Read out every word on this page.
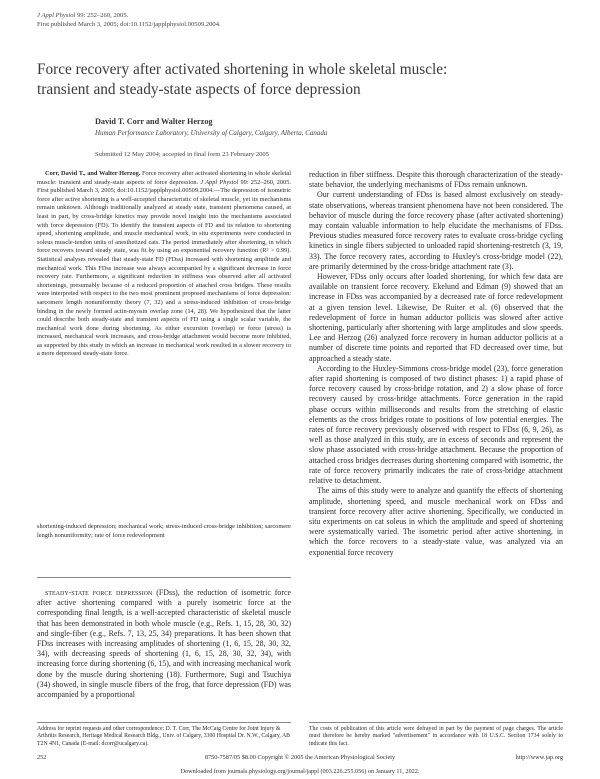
J Appl Physiol 99: 252–260, 2005.
First published March 3, 2005; doi:10.1152/japplphysiol.00509.2004.
Force recovery after activated shortening in whole skeletal muscle:
transient and steady-state aspects of force depression
David T. Corr and Walter Herzog
Human Performance Laboratory, University of Calgary, Calgary, Alberta, Canada
Submitted 12 May 2004; accepted in final form 23 February 2005

Corr, David T., and Walter Herzog. Force recovery after activated shortening in whole skeletal muscle: transient and steady-state aspects of force depression. J Appl Physiol 99: 252–260, 2005. First published March 3, 2005; doi:10.1152/japplphysiol.00509.2004.—The depression of isometric force after active shortening is a well-accepted characteristic of skeletal muscle, yet its mechanisms remain unknown. Although traditionally analyzed at steady state, transient phenomena caused, at least in part, by cross-bridge kinetics may provide novel insight into the mechanisms associated with force depression (FD). To identify the transient aspects of FD and its relation to shortening speed, shortening amplitude, and muscle mechanical work, in situ experiments were conducted in soleus muscle-tendon units of anesthetized cats. The period immediately after shortening, in which force recovers toward steady state, was fit by using an exponential recovery function (R² > 0.99). Statistical analyses revealed that steady-state FD (FDss) increased with shortening amplitude and mechanical work. This FDss increase was always accompanied by a significant decrease in force recovery rate. Furthermore, a significant reduction in stiffness was observed after all activated shortenings, presumably because of a reduced proportion of attached cross bridges. These results were interpreted with respect to the two most prominent proposed mechanisms of force depression: sarcomere length nonuniformity theory (7, 32) and a stress-induced inhibition of cross-bridge binding in the newly formed actin-myosin overlap zone (14, 28). We hypothesized that the latter could describe both steady-state and transient aspects of FD using a single scalar variable, the mechanical work done during shortening. As either excursion (overlap) or force (stress) is increased, mechanical work increases, and cross-bridge attachment would become more inhibited, as supported by this study in which an increase in mechanical work resulted in a slower recovery to a more depressed steady-state force.

shortening-induced depression; mechanical work; stress-induced cross-bridge inhibition; sarcomere length nonuniformity; rate of force redevelopment

steady-state force depression (FDss), the reduction of isometric force after active shortening compared with a purely isometric force at the corresponding final length, is a well-accepted characteristic of skeletal muscle that has been demonstrated in both whole muscle (e.g., Refs. 1, 15, 28, 30, 32) and single-fiber (e.g., Refs. 7, 13, 25, 34) preparations. It has been shown that FDss increases with increasing amplitudes of shortening (1, 6, 15, 28, 30, 32, 34), with decreasing speeds of shortening (1, 6, 15, 28, 30, 32, 34), with increasing force during shortening (6, 15), and with increasing mechanical work done by the muscle during shortening (18). Furthermore, Sugi and Tsuchiya (34) showed, in single muscle fibers of the frog, that force depression (FD) was accompanied by a proportional

reduction in fiber stiffness. Despite this thorough characterization of the steady-state behavior, the underlying mechanisms of FDss remain unknown.

Our current understanding of FDss is based almost exclusively on steady-state observations, whereas transient phenomena have not been considered. The behavior of muscle during the force recovery phase (after activated shortening) may contain valuable information to help elucidate the mechanisms of FDss. Previous studies measured force recovery rates to evaluate cross-bridge cycling kinetics in single fibers subjected to unloaded rapid shortening-restretch (3, 19, 33). The force recovery rates, according to Huxley's cross-bridge model (22), are primarily determined by the cross-bridge attachment rate (3).

However, FDss only occurs after loaded shortening, for which few data are available on transient force recovery. Ekelund and Edman (9) showed that an increase in FDss was accompanied by a decreased rate of force redevelopment at a given tension level. Likewise, De Ruiter et al. (6) observed that the redevelopment of force in human adductor pollicis was slowed after active shortening, particularly after shortening with large amplitudes and slow speeds. Lee and Herzog (26) analyzed force recovery in human adductor pollicis at a number of discrete time points and reported that FD decreased over time, but approached a steady state.

According to the Huxley-Simmons cross-bridge model (23), force generation after rapid shortening is composed of two distinct phases: 1) a rapid phase of force recovery caused by cross-bridge rotation, and 2) a slow phase of force recovery caused by cross-bridge attachments. Force generation in the rapid phase occurs within milliseconds and results from the stretching of elastic elements as the cross bridges rotate to positions of low potential energies. The rates of force recovery previously observed with respect to FDss (6, 9, 26), as well as those analyzed in this study, are in excess of seconds and represent the slow phase associated with cross-bridge attachment. Because the proportion of attached cross bridges decreases during shortening compared with isometric, the rate of force recovery primarily indicates the rate of cross-bridge attachment relative to detachment.

The aims of this study were to analyze and quantify the effects of shortening amplitude, shortening speed, and muscle mechanical work on FDss and transient force recovery after active shortening. Specifically, we conducted in situ experiments on cat soleus in which the amplitude and speed of shortening were systematically varied. The isometric period after active shortening, in which the force recovers to a steady-state value, was analyzed via an exponential force recovery

Address for reprint requests and other correspondence: D. T. Corr, The McCaig Centre for Joint Injury & Arthritis Research, Heritage Medical Research Bldg., Univ. of Calgary, 3300 Hospital Dr. N.W., Calgary, AB T2N 4N1, Canada (E-mail: dcorr@ucalgary.ca).
The costs of publication of this article were defrayed in part by the payment of page charges. The article must therefore be hereby marked "advertisement" in accordance with 18 U.S.C. Section 1734 solely to indicate this fact.
252	8750-7587/05 $8.00 Copyright © 2005 the American Physiological Society	http://www.jap.org
Downloaded from journals.physiology.org/journal/jappl (003.226.255.056) on January 11, 2022.
